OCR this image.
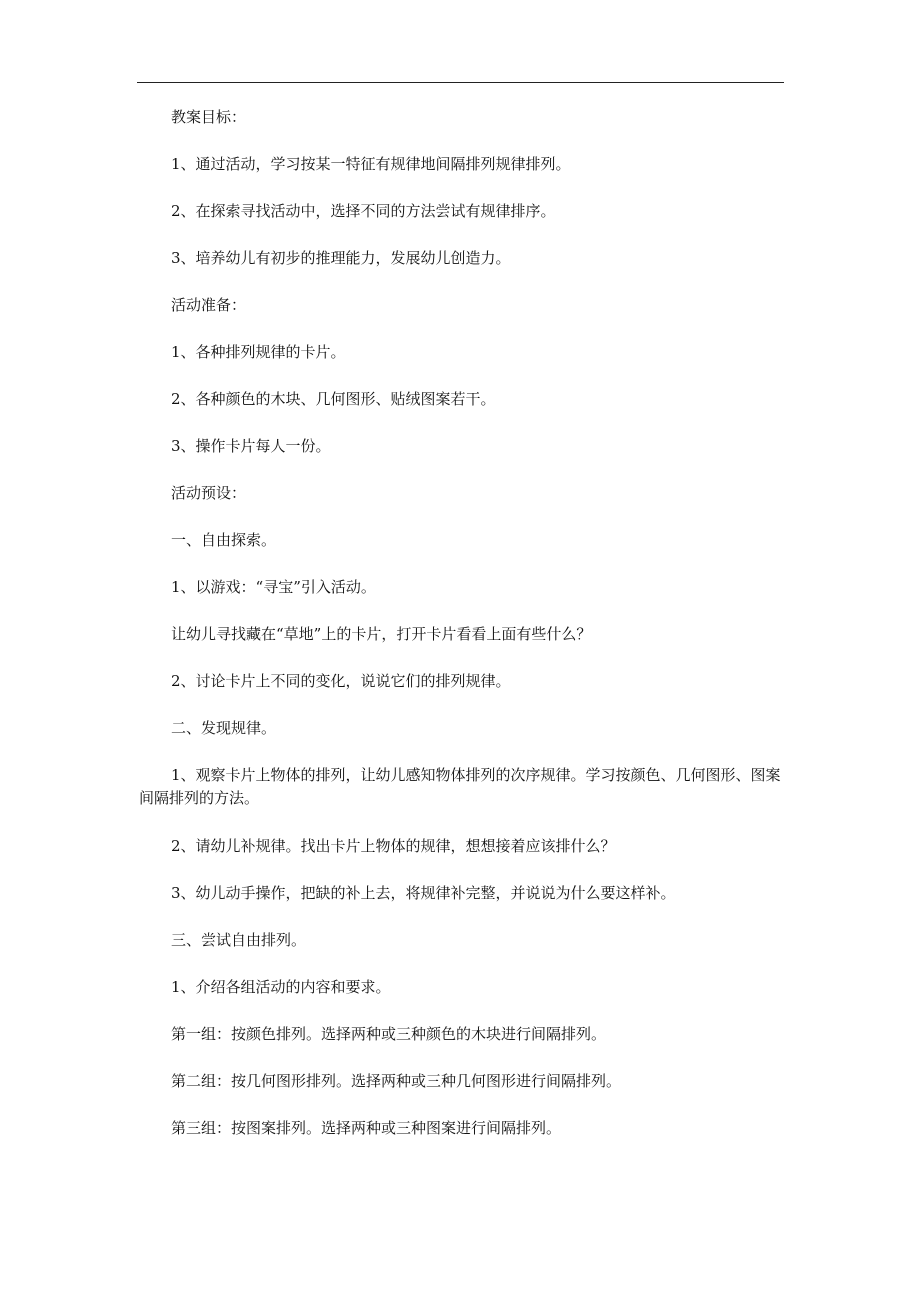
教案目标：

1、通过活动，学习按某一特征有规律地间隔排列规律排列。

2、在探索寻找活动中，选择不同的方法尝试有规律排序。

3、培养幼儿有初步的推理能力，发展幼儿创造力。

活动准备：

1、各种排列规律的卡片。

2、各种颜色的木块、几何图形、贴绒图案若干。

3、操作卡片每人一份。

活动预设：

一、自由探索。

1、以游戏：“寻宝”引入活动。

让幼儿寻找藏在“草地”上的卡片，打开卡片看看上面有些什么？

2、讨论卡片上不同的变化，说说它们的排列规律。

二、发现规律。

1、观察卡片上物体的排列，让幼儿感知物体排列的次序规律。学习按颜色、几何图形、图案间隔排列的方法。

2、请幼儿补规律。找出卡片上物体的规律，想想接着应该排什么？

3、幼儿动手操作，把缺的补上去，将规律补完整，并说说为什么要这样补。

三、尝试自由排列。

1、介绍各组活动的内容和要求。

第一组：按颜色排列。选择两种或三种颜色的木块进行间隔排列。

第二组：按几何图形排列。选择两种或三种几何图形进行间隔排列。

第三组：按图案排列。选择两种或三种图案进行间隔排列。
